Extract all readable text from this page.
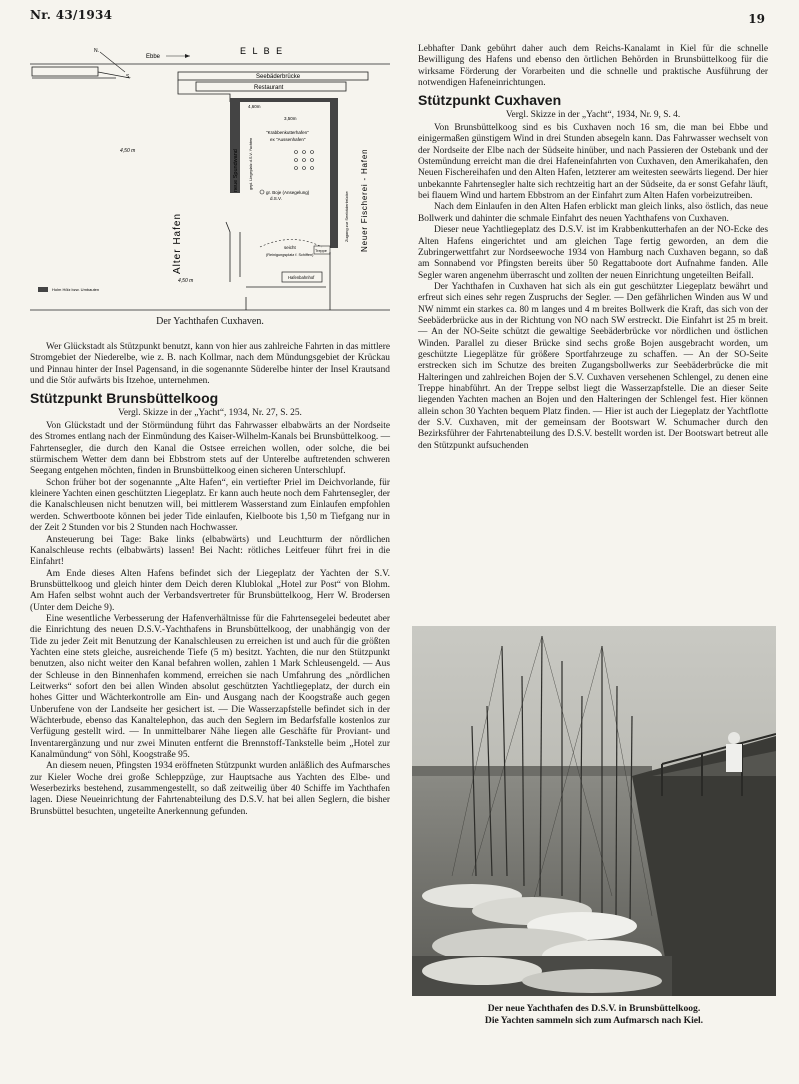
Nr. 43/1934	19
N.
S.
Ebbe
E L B E
Seebäderbrücke
Restaurant
4,60m
3,50m
"Krabbenkutterhafen"
ex "Aussenhafen"
neue Spundwand	gepl. Liegeplatz d.S.V. Yachten
gr. Boje (Ansegelung)
d.S.V.	Zugang zur Seebäderbrücke Neuer Fischerei - Hafen
seicht
(Reinigungsplatz f. Schiffen)
Treppe
Hafenbahnhof
Alter Hafen
4,50 m
4,50 m
Holm Hölz bzw. Umbauten
Der Yachthafen Cuxhaven.

Wer Glückstadt als Stützpunkt benutzt, kann von hier aus zahlreiche Fahrten in das mittlere Stromgebiet der Niederelbe, wie z. B. nach Kollmar, nach dem Mündungsgebiet der Krückau und Pinnau hinter der Insel Pagensand, in die sogenannte Süderelbe hinter der Insel Krautsand und die Stör aufwärts bis Itzehoe, unternehmen.

Stützpunkt Brunsbüttelkoog

Vergl. Skizze in der „Yacht“, 1934, Nr. 27, S. 25.

Von Glückstadt und der Störmündung führt das Fahrwasser elbabwärts an der Nordseite des Stromes entlang nach der Einmündung des Kaiser-Wilhelm-Kanals bei Brunsbüttelkoog. — Fahrtensegler, die durch den Kanal die Ostsee erreichen wollen, oder solche, die bei stürmischem Wetter dem dann bei Ebbstrom stets auf der Unterelbe auftretenden schweren Seegang entgehen möchten, finden in Brunsbüttelkoog einen sicheren Unterschlupf.

Schon früher bot der sogenannte „Alte Hafen“, ein vertiefter Priel im Deichvorlande, für kleinere Yachten einen geschützten Liegeplatz. Er kann auch heute noch dem Fahrtensegler, der die Kanalschleusen nicht benutzen will, bei mittlerem Wasserstand zum Einlaufen empfohlen werden. Schwertboote können bei jeder Tide einlaufen, Kielboote bis 1,50 m Tiefgang nur in der Zeit 2 Stunden vor bis 2 Stunden nach Hochwasser.

Ansteuerung bei Tage: Bake links (elbabwärts) und Leuchtturm der nördlichen Kanalschleuse rechts (elbabwärts) lassen! Bei Nacht: rötliches Leitfeuer führt frei in die Einfahrt!

Am Ende dieses Alten Hafens befindet sich der Liegeplatz der Yachten der S.V. Brunsbüttelkoog und gleich hinter dem Deich deren Klublokal „Hotel zur Post“ von Blohm. Am Hafen selbst wohnt auch der Verbandsvertreter für Brunsbüttelkoog, Herr W. Brodersen (Unter dem Deiche 9).

Eine wesentliche Verbesserung der Hafenverhältnisse für die Fahrtensegelei bedeutet aber die Einrichtung des neuen D.S.V.-Yachthafens in Brunsbüttelkoog, der unabhängig von der Tide zu jeder Zeit mit Benutzung der Kanalschleusen zu erreichen ist und auch für die größten Yachten eine stets gleiche, ausreichende Tiefe (5 m) besitzt. Yachten, die nur den Stützpunkt benutzen, also nicht weiter den Kanal befahren wollen, zahlen 1 Mark Schleusengeld. — Aus der Schleuse in den Binnenhafen kommend, erreichen sie nach Umfahrung des „nördlichen Leitwerks“ sofort den bei allen Winden absolut geschützten Yachtliegeplatz, der durch ein hohes Gitter und Wächterkontrolle am Ein- und Ausgang nach der Koogstraße auch gegen Unberufene von der Landseite her gesichert ist. — Die Wasserzapfstelle befindet sich in der Wächterbude, ebenso das Kanaltelephon, das auch den Seglern im Bedarfsfalle kostenlos zur Verfügung gestellt wird. — In unmittelbarer Nähe liegen alle Geschäfte für Proviant- und Inventarergänzung und nur zwei Minuten entfernt die Brennstoff-Tankstelle beim „Hotel zur Kanalmündung“ von Söhl, Koogstraße 95.

An diesem neuen, Pfingsten 1934 eröffneten Stützpunkt wurden anläßlich des Aufmarsches zur Kieler Woche drei große Schleppzüge, zur Hauptsache aus Yachten des Elbe- und Weserbezirks bestehend, zusammengestellt, so daß zeitweilig über 40 Schiffe im Yachthafen lagen. Diese Neueinrichtung der Fahrtenabteilung des D.S.V. hat bei allen Seglern, die bisher Brunsbüttel besuchten, ungeteilte Anerkennung gefunden.

Lebhafter Dank gebührt daher auch dem Reichs-Kanalamt in Kiel für die schnelle Bewilligung des Hafens und ebenso den örtlichen Behörden in Brunsbüttelkoog für die wirksame Förderung der Vorarbeiten und die schnelle und praktische Ausführung der notwendigen Hafeneinrichtungen.

Stützpunkt Cuxhaven

Vergl. Skizze in der „Yacht“, 1934, Nr. 9, S. 4.

Von Brunsbüttelkoog sind es bis Cuxhaven noch 16 sm, die man bei Ebbe und einigermaßen günstigem Wind in drei Stunden absegeln kann. Das Fahrwasser wechselt von der Nordseite der Elbe nach der Südseite hinüber, und nach Passieren der Ostebank und der Ostemündung erreicht man die drei Hafeneinfahrten von Cuxhaven, den Amerikahafen, den Neuen Fischereihafen und den Alten Hafen, letzterer am weitesten seewärts liegend. Der hier unbekannte Fahrtensegler halte sich rechtzeitig hart an der Südseite, da er sonst Gefahr läuft, bei flauem Wind und hartem Ebbstrom an der Einfahrt zum Alten Hafen vorbeizutreiben.

Nach dem Einlaufen in den Alten Hafen erblickt man gleich links, also östlich, das neue Bollwerk und dahinter die schmale Einfahrt des neuen Yachthafens von Cuxhaven.

Dieser neue Yachtliegeplatz des D.S.V. ist im Krabbenkutterhafen an der NO-Ecke des Alten Hafens eingerichtet und am gleichen Tage fertig geworden, an dem die Zubringerwettfahrt zur Nordseewoche 1934 von Hamburg nach Cuxhaven begann, so daß am Sonnabend vor Pfingsten bereits über 50 Regattaboote dort Aufnahme fanden. Alle Segler waren angenehm überrascht und zollten der neuen Einrichtung ungeteilten Beifall.

Der Yachthafen in Cuxhaven hat sich als ein gut geschützter Liegeplatz bewährt und erfreut sich eines sehr regen Zuspruchs der Segler. — Den gefährlichen Winden aus W und NW nimmt ein starkes ca. 80 m langes und 4 m breites Bollwerk die Kraft, das sich von der Seebäderbrücke aus in der Richtung von NO nach SW erstreckt. Die Einfahrt ist 25 m breit. — An der NO-Seite schützt die gewaltige Seebäderbrücke vor nördlichen und östlichen Winden. Parallel zu dieser Brücke sind sechs große Bojen ausgebracht worden, um geschützte Liegeplätze für größere Sportfahrzeuge zu schaffen. — An der SO-Seite erstrecken sich im Schutze des breiten Zugangsbollwerks zur Seebäderbrücke die mit Halteringen und zahlreichen Bojen der S.V. Cuxhaven versehenen Schlengel, zu denen eine Treppe hinabführt. An der Treppe selbst liegt die Wasserzapfstelle. Die an dieser Seite liegenden Yachten machen an Bojen und den Halteringen der Schlengel fest. Hier können allein schon 30 Yachten bequem Platz finden. — Hier ist auch der Liegeplatz der Yachtflotte der S.V. Cuxhaven, mit der gemeinsam der Bootswart W. Schumacher durch den Bezirksführer der Fahrtenabteilung des D.S.V. bestellt worden ist. Der Bootswart betreut alle den Stützpunkt aufsuchenden

Der neue Yachthafen des D.S.V. in Brunsbüttelkoog.
Die Yachten sammeln sich zum Aufmarsch nach Kiel.
